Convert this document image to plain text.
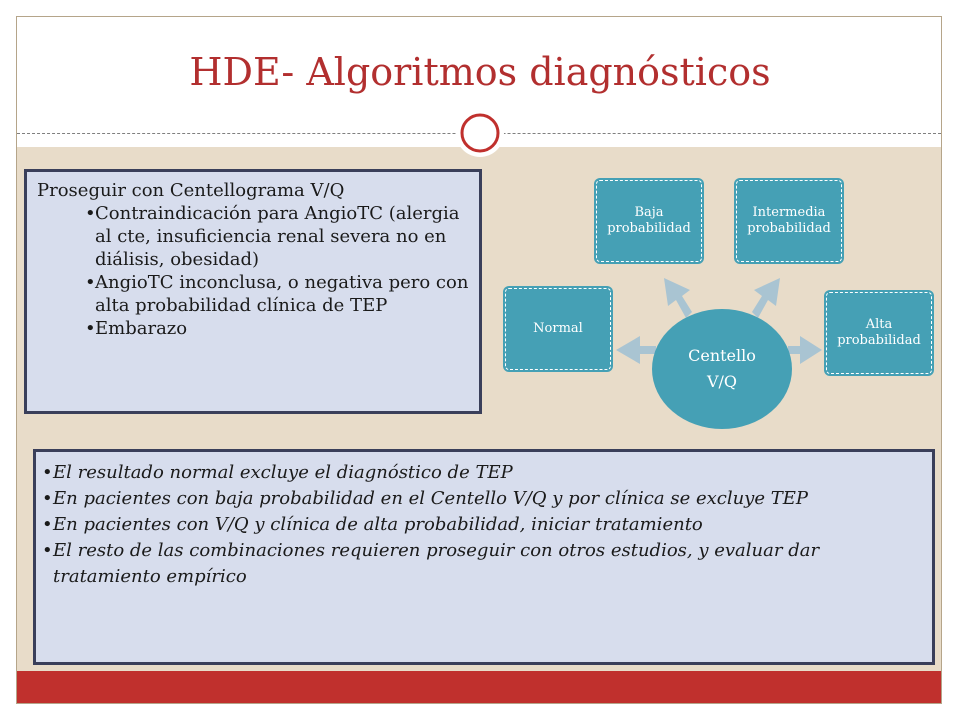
HDE- Algoritmos diagnósticos
Proseguir con Centellograma V/Q
• Contraindicación para AngioTC (alergia al cte, insuficiencia renal severa no en diálisis, obesidad)
• AngioTC inconclusa, o negativa pero con alta probabilidad clínica de TEP
• Embarazo	Normal
Baja probabilidad
Intermedia probabilidad
Alta probabilidad
Centello
V/Q
• El resultado normal excluye el diagnóstico de TEP
• En pacientes con baja probabilidad en el Centello V/Q y por clínica se excluye TEP
• En pacientes con V/Q y clínica de alta probabilidad, iniciar tratamiento
• El resto de las combinaciones requieren proseguir con otros estudios, y evaluar dar tratamiento empírico
